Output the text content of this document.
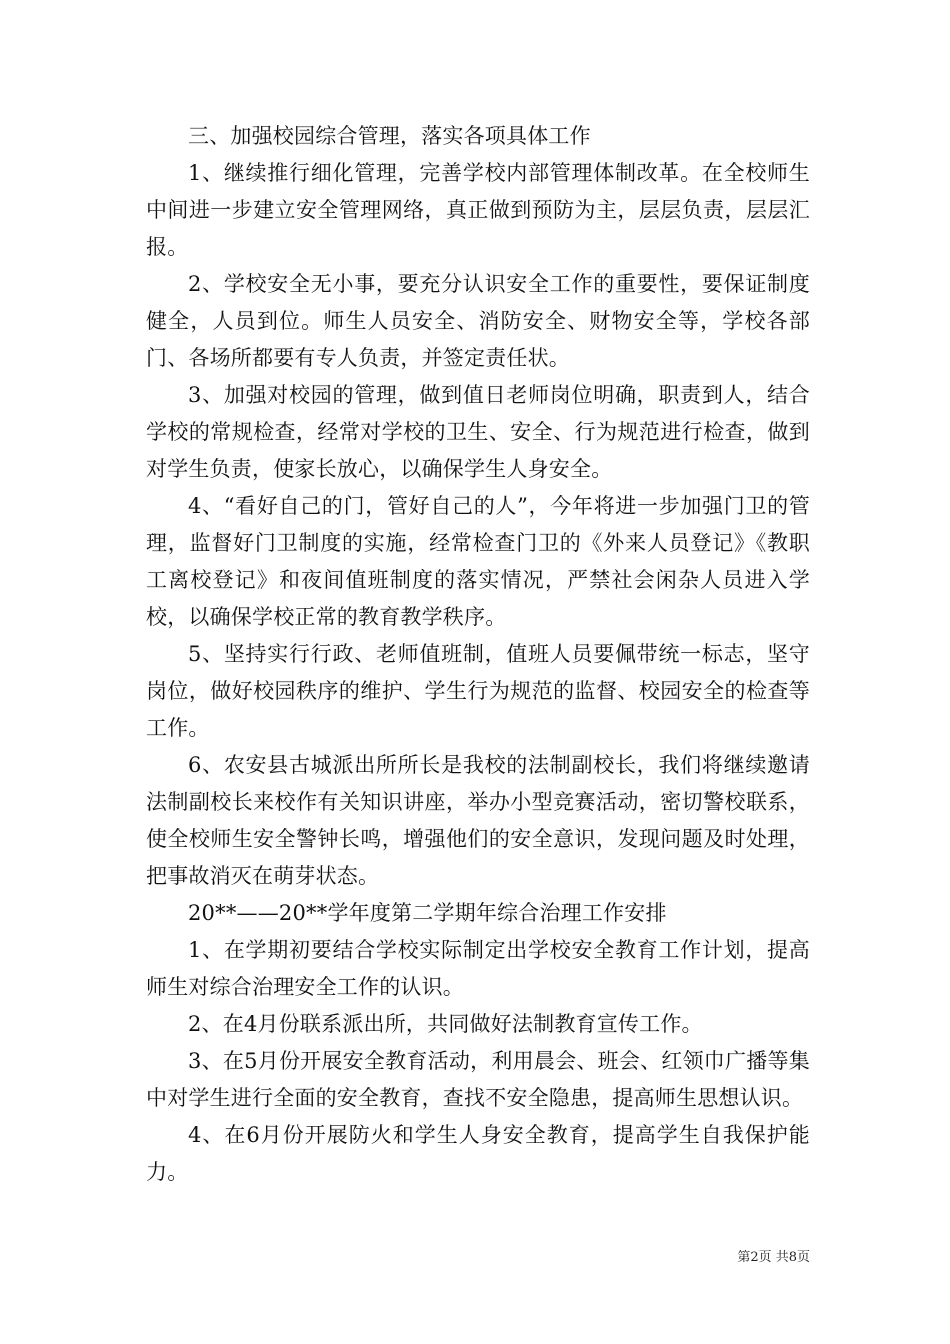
三、加强校园综合管理，落实各项具体工作

1、继续推行细化管理，完善学校内部管理体制改革。在全校师生中间进一步建立安全管理网络，真正做到预防为主，层层负责，层层汇报。

2、学校安全无小事，要充分认识安全工作的重要性，要保证制度健全，人员到位。师生人员安全、消防安全、财物安全等，学校各部门、各场所都要有专人负责，并签定责任状。

3、加强对校园的管理，做到值日老师岗位明确，职责到人，结合学校的常规检查，经常对学校的卫生、安全、行为规范进行检查，做到对学生负责，使家长放心，以确保学生人身安全。

4、“看好自己的门，管好自己的人”，今年将进一步加强门卫的管理，监督好门卫制度的实施，经常检查门卫的《外来人员登记》《教职工离校登记》和夜间值班制度的落实情况，严禁社会闲杂人员进入学校，以确保学校正常的教育教学秩序。

5、坚持实行行政、老师值班制，值班人员要佩带统一标志，坚守岗位，做好校园秩序的维护、学生行为规范的监督、校园安全的检查等工作。

6、农安县古城派出所所长是我校的法制副校长，我们将继续邀请法制副校长来校作有关知识讲座，举办小型竞赛活动，密切警校联系，使全校师生安全警钟长鸣，增强他们的安全意识，发现问题及时处理，把事故消灭在萌芽状态。

20**——20**学年度第二学期年综合治理工作安排

1、在学期初要结合学校实际制定出学校安全教育工作计划，提高师生对综合治理安全工作的认识。

2、在4月份联系派出所，共同做好法制教育宣传工作。

3、在5月份开展安全教育活动，利用晨会、班会、红领巾广播等集中对学生进行全面的安全教育，查找不安全隐患，提高师生思想认识。

4、在6月份开展防火和学生人身安全教育，提高学生自我保护能力。

第2页 共8页
